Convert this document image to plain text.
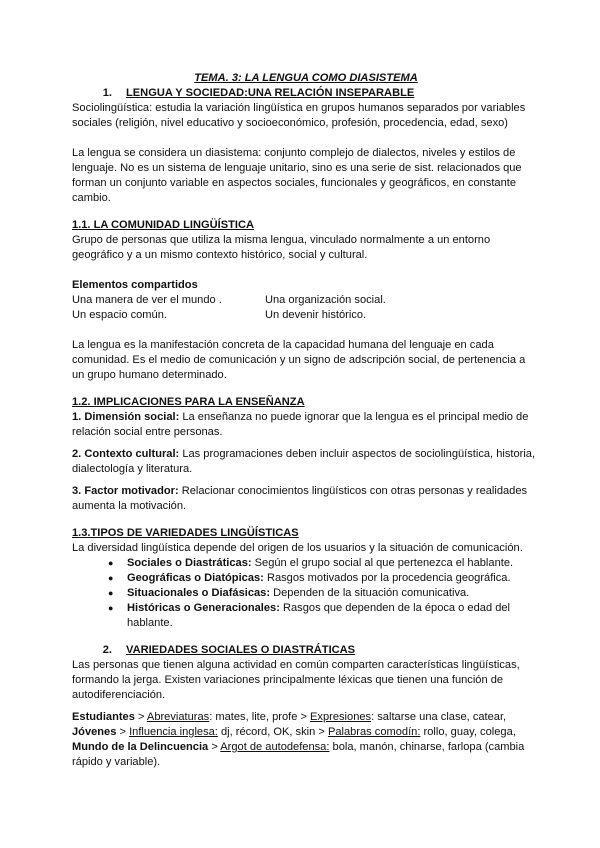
TEMA. 3: LA LENGUA COMO DIASISTEMA
1. LENGUA Y SOCIEDAD:UNA RELACIÓN INSEPARABLE

Sociolingüística: estudia la variación lingüística en grupos humanos separados por variables sociales (religión, nivel educativo y socioeconómico, profesión, procedencia, edad, sexo)

La lengua se considera un diasistema: conjunto complejo de dialectos, niveles y estilos de lenguaje. No es un sistema de lenguaje unitario, sino es una serie de sist. relacionados que forman un conjunto variable en aspectos sociales, funcionales y geográficos, en constante cambio.

1.1. LA COMUNIDAD LINGÜÍSTICA

Grupo de personas que utiliza la misma lengua, vinculado normalmente a un entorno geográfico y a un mismo contexto histórico, social y cultural.

Elementos compartidos
Una manera de ver el mundo .	Una organización social.
Un espacio común.	Un devenir histórico.

La lengua es la manifestación concreta de la capacidad humana del lenguaje en cada comunidad. Es el medio de comunicación y un signo de adscripción social, de pertenencia a un grupo humano determinado.

1.2. IMPLICACIONES PARA LA ENSEÑANZA

1. Dimensión social: La enseñanza no puede ignorar que la lengua es el principal medio de relación social entre personas.

2. Contexto cultural: Las programaciones deben incluir aspectos de sociolingüística, historia, dialectología y literatura.

3. Factor motivador: Relacionar conocimientos lingüísticos con otras personas y realidades aumenta la motivación.

1.3.TIPOS DE VARIEDADES LINGÜÍSTICAS

La diversidad lingüística depende del origen de los usuarios y la situación de comunicación.

● Sociales o Diastráticas: Según el grupo social al que pertenezca el hablante.
● Geográficas o Diatópicas: Rasgos motivados por la procedencia geográfica.
● Situacionales o Diafásicas: Dependen de la situación comunicativa.
● Históricas o Generacionales: Rasgos que dependen de la época o edad del hablante.
2. VARIEDADES SOCIALES O DIASTRÁTICAS

Las personas que tienen alguna actividad en común comparten características lingüísticas, formando la jerga. Existen variaciones principalmente léxicas que tienen una función de autodiferenciación.

Estudiantes > Abreviaturas: mates, lite, profe > Expresiones: saltarse una clase, catear,

Jóvenes > Influencia inglesa: dj, récord, OK, skin > Palabras comodín: rollo, guay, colega,

Mundo de la Delincuencia > Argot de autodefensa: bola, manón, chinarse, farlopa (cambia rápido y variable).
